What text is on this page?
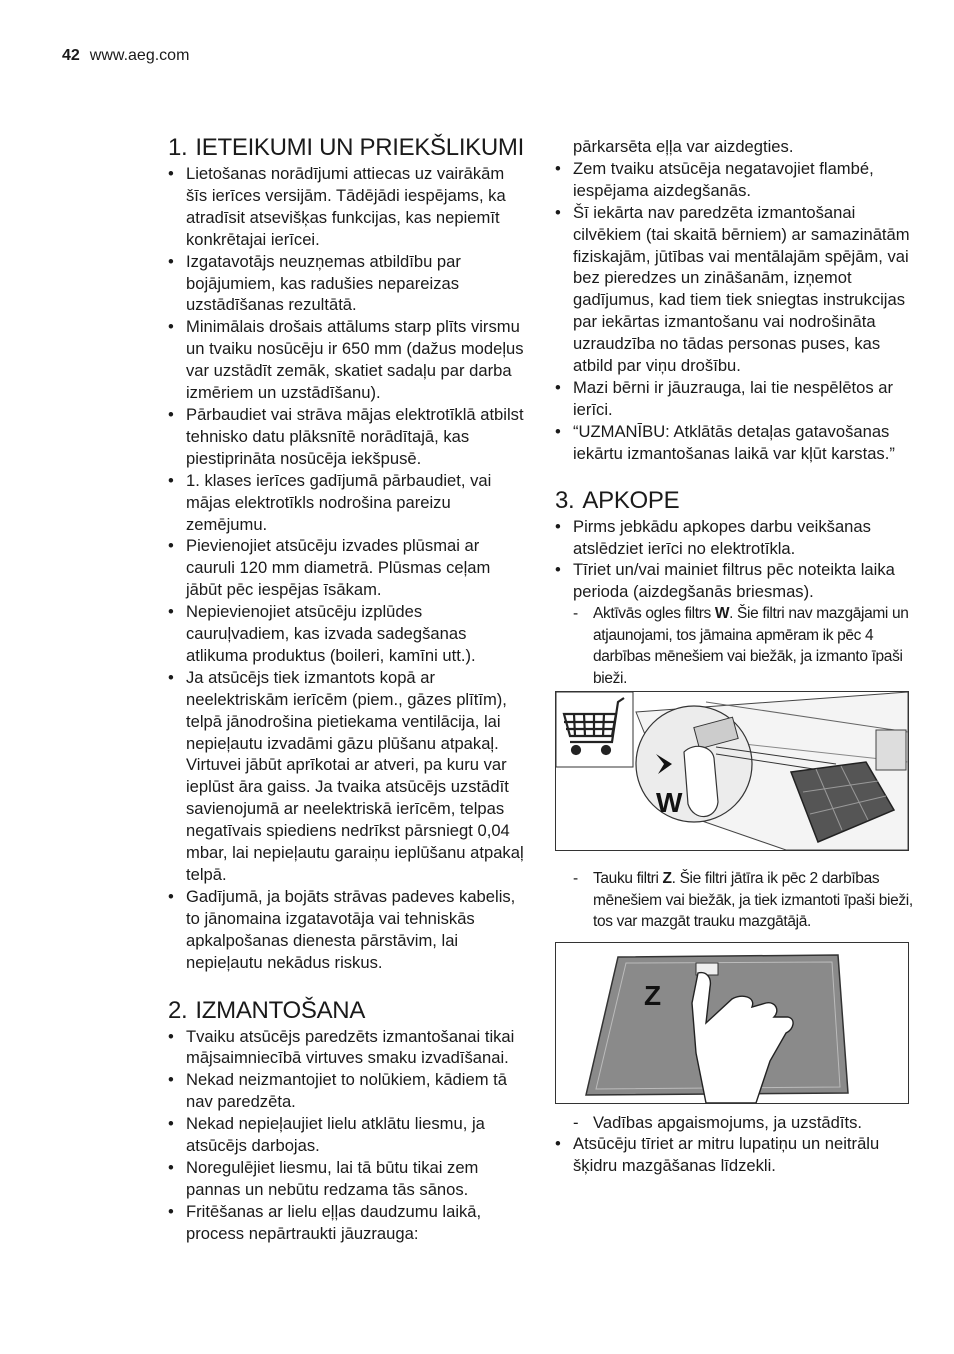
42 www.aeg.com
1. IETEIKUMI UN PRIEKŠLIKUMI
• Lietošanas norādījumi attiecas uz vairākām šīs ierīces versijām. Tādējādi iespējams, ka atradīsit atsevišķas funkcijas, kas nepiemīt konkrētajai ierīcei.
• Izgatavotājs neuzņemas atbildību par bojājumiem, kas radušies nepareizas uzstādīšanas rezultātā.
• Minimālais drošais attālums starp plīts virsmu un tvaiku nosūcēju ir 650 mm (dažus modeļus var uzstādīt zemāk, skatiet sadaļu par darba izmēriem un uzstādīšanu).
• Pārbaudiet vai strāva mājas elektrotīklā atbilst tehnisko datu plāksnītē norādītajā, kas piestiprināta nosūcēja iekšpusē.
• 1. klases ierīces gadījumā pārbaudiet, vai mājas elektrotīkls nodrošina pareizu zemējumu.
• Pievienojiet atsūcēju izvades plūsmai ar cauruli 120 mm diametrā. Plūsmas ceļam jābūt pēc iespējas īsākam.
• Nepievienojiet atsūcēju izplūdes cauruļvadiem, kas izvada sadegšanas atlikuma produktus (boileri, kamīni utt.).
• Ja atsūcējs tiek izmantots kopā ar neelektriskām ierīcēm (piem., gāzes plītīm), telpā jānodrošina pietiekama ventilācija, lai nepieļautu izvadāmi gāzu plūšanu atpakaļ. Virtuvei jābūt aprīkotai ar atveri, pa kuru var ieplūst āra gaiss. Ja tvaika atsūcējs uzstādīt savienojumā ar neelektriskā ierīcēm, telpas negatīvais spiediens nedrīkst pārsniegt 0,04 mbar, lai nepieļautu garaiņu ieplūšanu atpakaļ telpā.
• Gadījumā, ja bojāts strāvas padeves kabelis, to jānomaina izgatavotāja vai tehniskās apkalpošanas dienesta pārstāvim, lai nepieļautu nekādus riskus.
2. IZMANTOŠANA
• Tvaiku atsūcējs paredzēts izmantošanai tikai mājsaimniecībā virtuves smaku izvadīšanai.
• Nekad neizmantojiet to nolūkiem, kādiem tā nav paredzēta.
• Nekad nepieļaujiet lielu atklātu liesmu, ja atsūcējs darbojas.
• Noregulējiet liesmu, lai tā būtu tikai zem pannas un nebūtu redzama tās sānos.
• Fritēšanas ar lielu eļļas daudzumu laikā, process nepārtraukti jāuzrauga:
pārkarsēta eļļa var aizdegties.
• Zem tvaiku atsūcēja negatavojiet flambé, iespējama aizdegšanās.
• Šī iekārta nav paredzēta izmantošanai cilvēkiem (tai skaitā bērniem) ar samazinātām fiziskajām, jūtības vai mentālajām spējām, vai bez pieredzes un zināšanām, izņemot gadījumus, kad tiem tiek sniegtas instrukcijas par iekārtas izmantošanu vai nodrošināta uzraudzība no tādas personas puses, kas atbild par viņu drošību.
• Mazi bērni ir jāuzrauga, lai tie nespēlētos ar ierīci.
• “UZMANĪBU: Atklātās detaļas gatavošanas iekārtu izmantošanas laikā var kļūt karstas.”
3. APKOPE
• Pirms jebkādu apkopes darbu veikšanas atslēdziet ierīci no elektrotīkla.
• Tīriet un/vai mainiet filtrus pēc noteikta laika perioda (aizdegšanās briesmas).
- Aktīvās ogles filtrs W. Šie filtri nav mazgājami un atjaunojami, tos jāmaina apmēram ik pēc 4 darbības mēnešiem vai biežāk, ja izmanto īpaši bieži.
W
- Tauku filtri Z. Šie filtri jātīra ik pēc 2 darbības mēnešiem vai biežāk, ja tiek izmantoti īpaši bieži, tos var mazgāt trauku mazgātājā.
Z
- Vadības apgaismojums, ja uzstādīts.
• Atsūcēju tīriet ar mitru lupatiņu un neitrālu šķidru mazgāšanas līdzekli.
